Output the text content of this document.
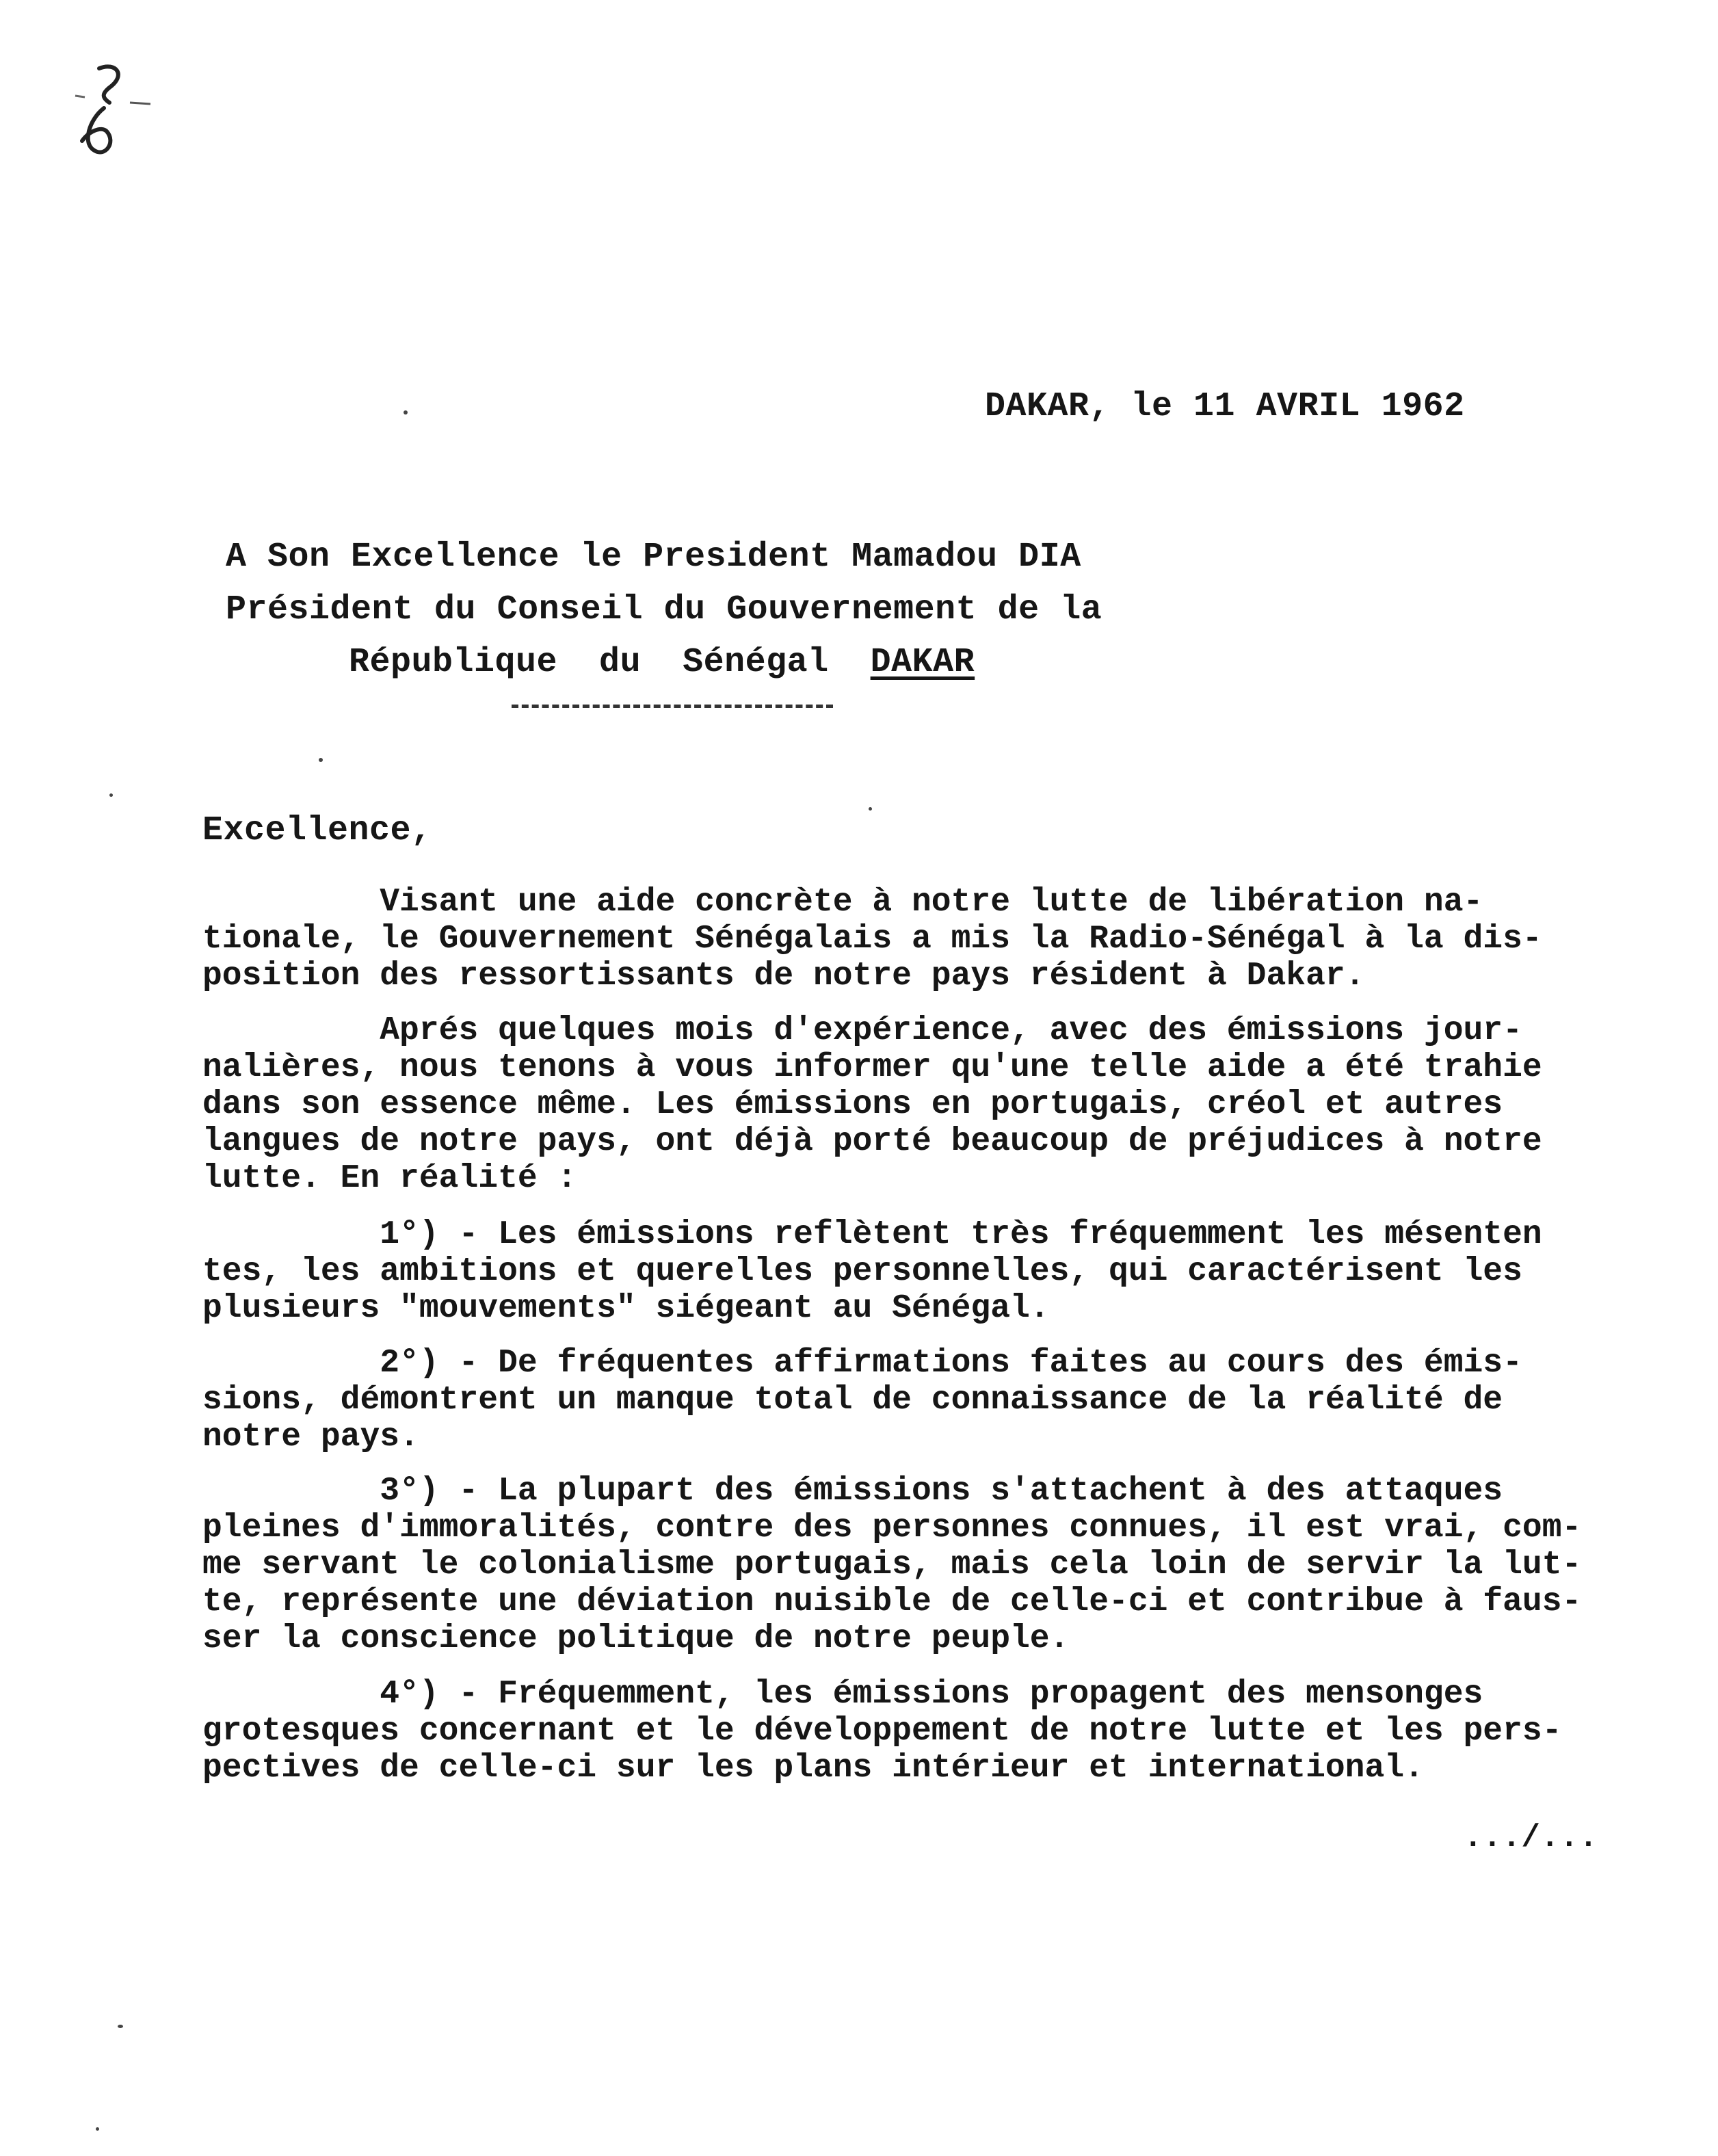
DAKAR, le 11 AVRIL 1962
A Son Excellence le President Mamadou DIA
Président du Conseil du Gouvernement de la
République  du  Sénégal  DAKAR
Excellence,
Visant une aide concrète à notre lutte de libération na-
tionale, le Gouvernement Sénégalais a mis la Radio-Sénégal à la dis-
position des ressortissants de notre pays résident à Dakar.
Aprés quelques mois d'expérience, avec des émissions jour-
nalières, nous tenons à vous informer qu'une telle aide a été trahie
dans son essence même. Les émissions en portugais, créol et autres
langues de notre pays, ont déjà porté beaucoup de préjudices à notre
lutte. En réalité :
1°) - Les émissions reflètent très fréquemment les mésenten
tes, les ambitions et querelles personnelles, qui caractérisent les
plusieurs "mouvements" siégeant au Sénégal.
2°) - De fréquentes affirmations faites au cours des émis-
sions, démontrent un manque total de connaissance de la réalité de
notre pays.
3°) - La plupart des émissions s'attachent à des attaques
pleines d'immoralités, contre des personnes connues, il est vrai, com-
me servant le colonialisme portugais, mais cela loin de servir la lut-
te, représente une déviation nuisible de celle-ci et contribue à faus-
ser la conscience politique de notre peuple.
4°) - Fréquemment, les émissions propagent des mensonges
grotesques concernant et le développement de notre lutte et les pers-
pectives de celle-ci sur les plans intérieur et international.
.../...
